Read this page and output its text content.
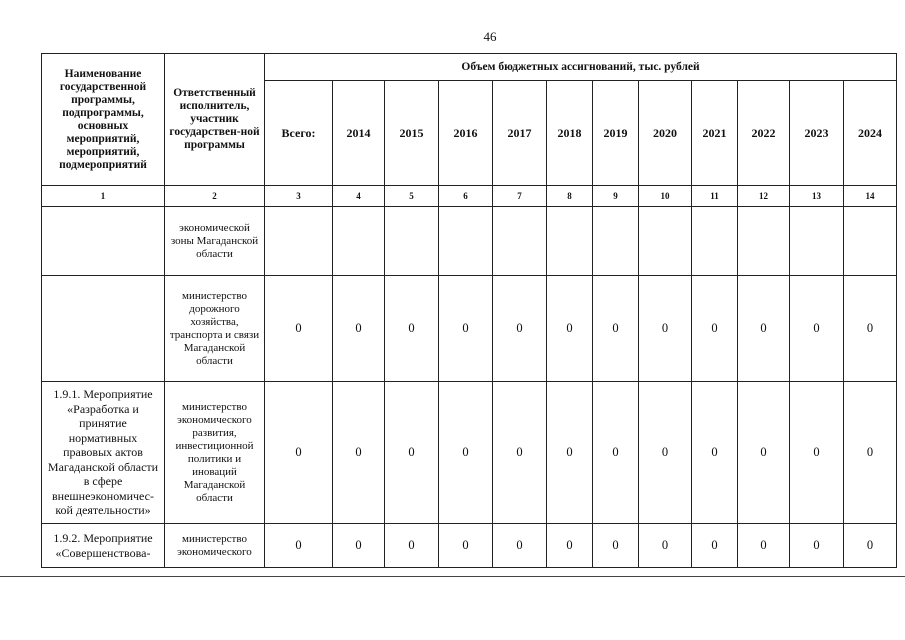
46
Наименование государственной программы, подпрограммы, основных мероприятий, мероприятий, подмероприятий	Ответственный исполнитель, участник государствен-ной программы	Объем бюджетных ассигнований, тыс. рублей											
		Всего:	2014	2015	2016	2017	2018	2019	2020	2021	2022	2023	2024
1	2	3	4	5	6	7	8	9	10	11	12	13	14
	экономической зоны Магаданской области												
	министерство дорожного хозяйства, транспорта и связи Магаданской области	0	0	0	0	0	0	0	0	0	0	0	0
1.9.1. Мероприятие «Разработка и принятие нормативных правовых актов Магаданской области в сфере внешнеэкономичес-кой деятельности»	министерство экономического развития, инвестиционной политики и иноваций Магаданской области	0	0	0	0	0	0	0	0	0	0	0	0
1.9.2. Мероприятие «Совершенствова-	министерство экономического	0	0	0	0	0	0	0	0	0	0	0	0
